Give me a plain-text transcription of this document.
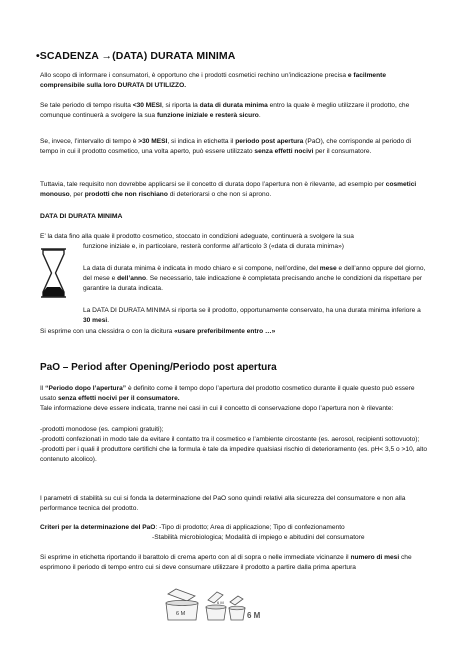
•SCADENZA →(DATA) DURATA MINIMA

Allo scopo di informare i consumatori, è opportuno che i prodotti cosmetici rechino un’indicazione precisa e facilmente comprensibile sulla loro DURATA DI UTILIZZO.

Se tale periodo di tempo risulta <30 MESI, si riporta la data di durata minima entro la quale è meglio utilizzare il prodotto, che comunque continuerà a svolgere la sua funzione iniziale e resterà sicuro.

Se, invece, l’intervallo di tempo è >30 MESI, si indica in etichetta il periodo post apertura (PaO), che corrisponde al periodo di tempo in cui il prodotto cosmetico, una volta aperto, può essere utilizzato senza effetti nocivi per il consumatore.

Tuttavia, tale requisito non dovrebbe applicarsi se il concetto di durata dopo l’apertura non è rilevante, ad esempio per cosmetici monouso, per prodotti che non rischiano di deteriorarsi o che non si aprono.

DATA DI DURATA MINIMA

E’ la data fino alla quale il prodotto cosmetico, stoccato in condizioni adeguate, continuerà a svolgere la sua

funzione iniziale e, in particolare, resterà conforme all’articolo 3 («data di durata minima»)

La data di durata minima è indicata in modo chiaro e si compone, nell’ordine, del mese e dell’anno oppure del giorno, del mese e dell’anno. Se necessario, tale indicazione è completata precisando anche le condizioni da rispettare per garantire la durata indicata.

La DATA DI DURATA MINIMA si riporta se il prodotto, opportunamente conservato, ha una durata minima inferiore a 30 mesi.

Si esprime con una clessidra o con la dicitura «usare preferibilmente entro …»

PaO – Period after Opening/Periodo post apertura

Il “Periodo dopo l’apertura” è definito come il tempo dopo l’apertura del prodotto cosmetico durante il quale questo può essere usato senza effetti nocivi per il consumatore.
Tale informazione deve essere indicata, tranne nei casi in cui il concetto di conservazione dopo l’apertura non è rilevante:

-prodotti monodose (es. campioni gratuiti);
-prodotti confezionati in modo tale da evitare il contatto tra il cosmetico e l’ambiente circostante (es. aerosol, recipienti sottovuoto);
-prodotti per i quali il produttore certifichi che la formula è tale da impedire qualsiasi rischio di deterioramento (es. pH< 3,5 o >10, alto contenuto alcolico).

I parametri di stabilità su cui si fonda la determinazione del PaO sono quindi relativi alla sicurezza del consumatore e non alla performance tecnica del prodotto.

Criteri per la determinazione del PaO: -Tipo di prodotto; Area di applicazione; Tipo di confezionamento
-Stabilità microbiologica; Modalità di impiego e abitudini del consumatore

Si esprime in etichetta riportando il barattolo di crema aperto con al di sopra o nelle immediate vicinanze il numero di mesi che esprimono il periodo di tempo entro cui si deve consumare utilizzare il prodotto a partire dalla prima apertura

6 M
6 M
6 M
